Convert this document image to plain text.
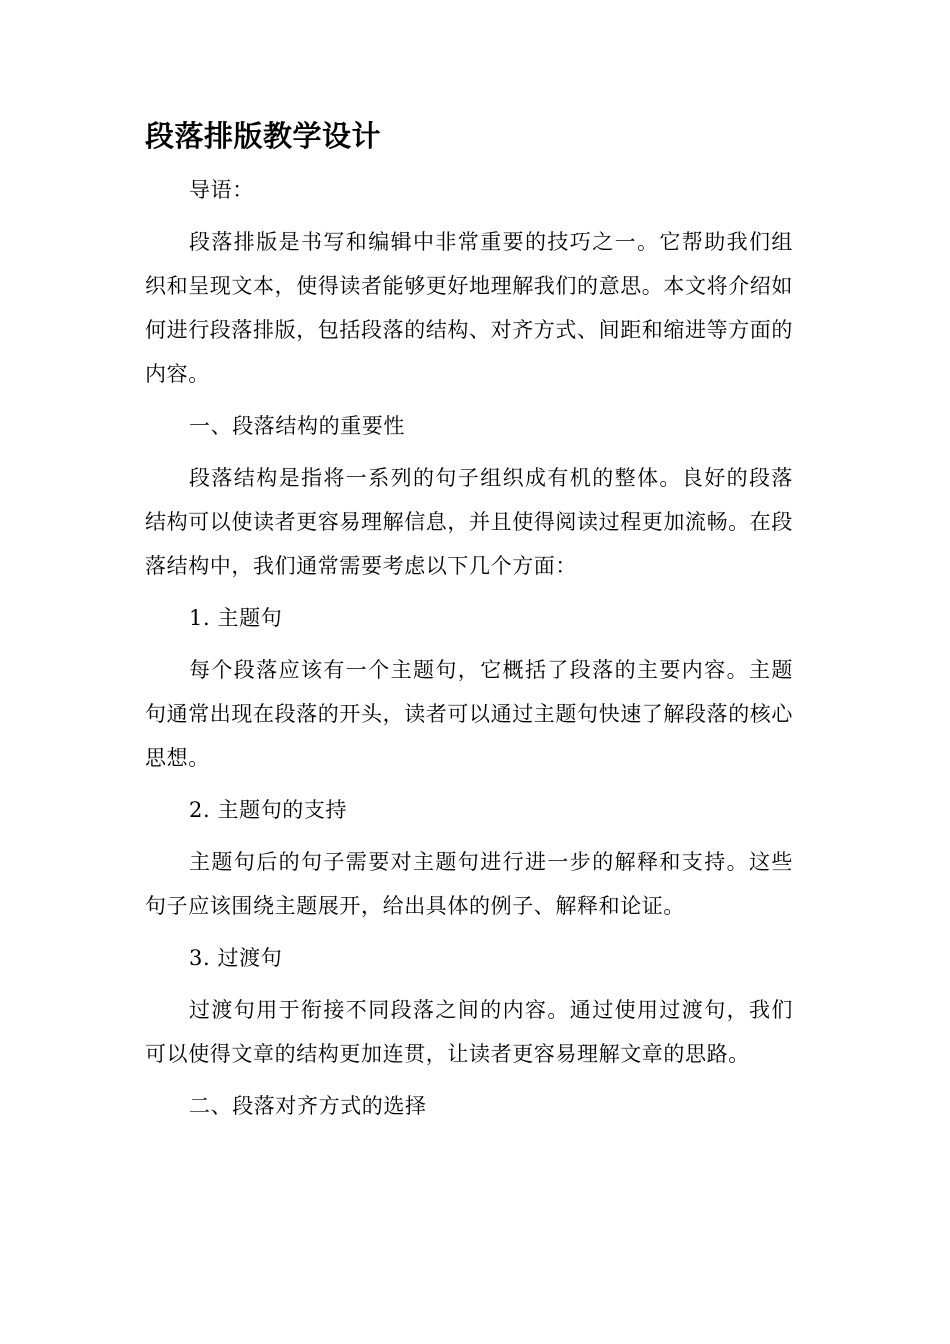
段落排版教学设计

导语：

段落排版是书写和编辑中非常重要的技巧之一。它帮助我们组织和呈现文本，使得读者能够更好地理解我们的意思。本文将介绍如何进行段落排版，包括段落的结构、对齐方式、间距和缩进等方面的内容。

一、段落结构的重要性

段落结构是指将一系列的句子组织成有机的整体。良好的段落结构可以使读者更容易理解信息，并且使得阅读过程更加流畅。在段落结构中，我们通常需要考虑以下几个方面：

1. 主题句

每个段落应该有一个主题句，它概括了段落的主要内容。主题句通常出现在段落的开头，读者可以通过主题句快速了解段落的核心思想。

2. 主题句的支持

主题句后的句子需要对主题句进行进一步的解释和支持。这些句子应该围绕主题展开，给出具体的例子、解释和论证。

3. 过渡句

过渡句用于衔接不同段落之间的内容。通过使用过渡句，我们可以使得文章的结构更加连贯，让读者更容易理解文章的思路。

二、段落对齐方式的选择
